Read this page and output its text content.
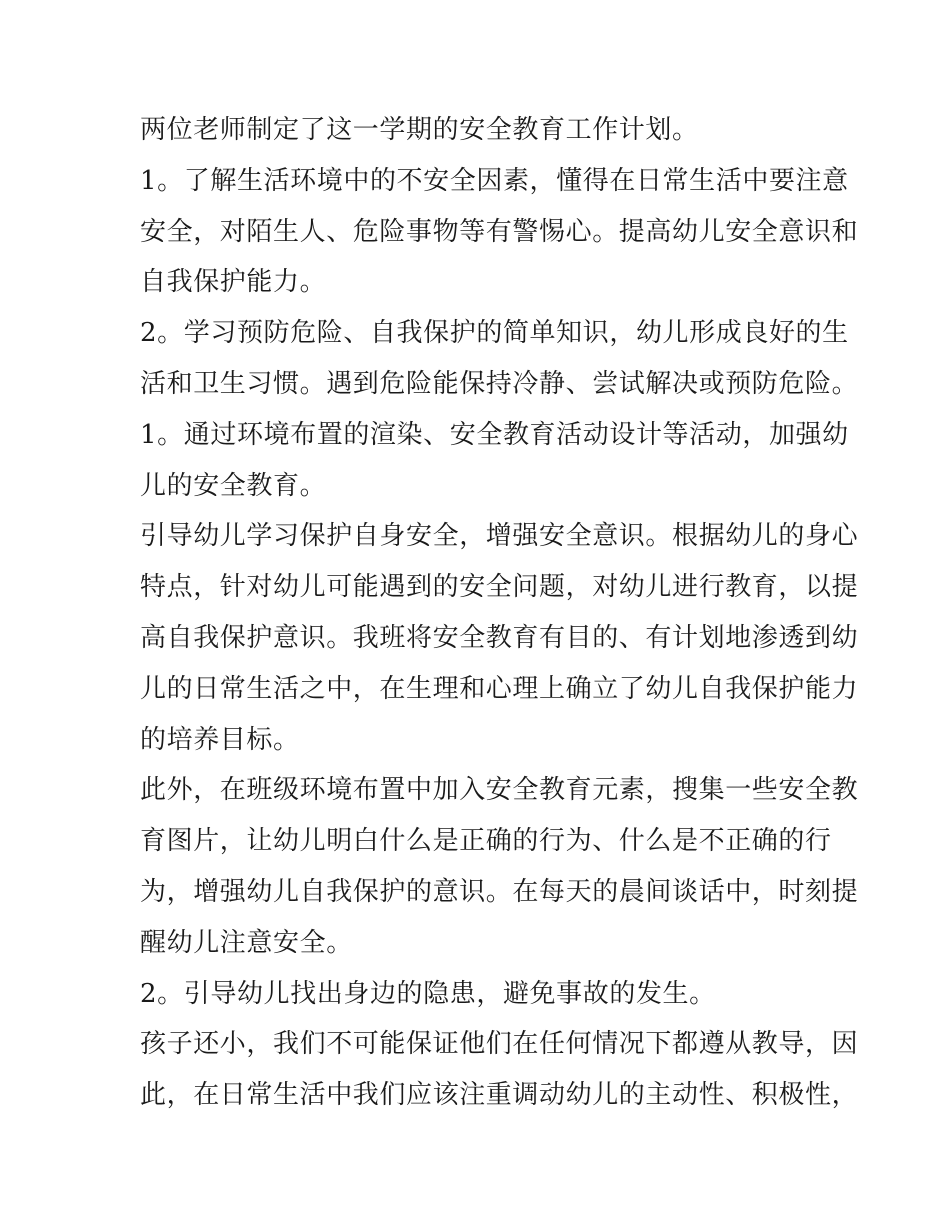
两位老师制定了这一学期的安全教育工作计划。
1。了解生活环境中的不安全因素，懂得在日常生活中要注意
安全，对陌生人、危险事物等有警惕心。提高幼儿安全意识和
自我保护能力。
2。学习预防危险、自我保护的简单知识，幼儿形成良好的生
活和卫生习惯。遇到危险能保持冷静、尝试解决或预防危险。
1。通过环境布置的渲染、安全教育活动设计等活动，加强幼
儿的安全教育。
引导幼儿学习保护自身安全，增强安全意识。根据幼儿的身心
特点，针对幼儿可能遇到的安全问题，对幼儿进行教育，以提
高自我保护意识。我班将安全教育有目的、有计划地渗透到幼
儿的日常生活之中，在生理和心理上确立了幼儿自我保护能力
的培养目标。
此外，在班级环境布置中加入安全教育元素，搜集一些安全教
育图片，让幼儿明白什么是正确的行为、什么是不正确的行
为，增强幼儿自我保护的意识。在每天的晨间谈话中，时刻提
醒幼儿注意安全。
2。引导幼儿找出身边的隐患，避免事故的发生。
孩子还小，我们不可能保证他们在任何情况下都遵从教导，因
此，在日常生活中我们应该注重调动幼儿的主动性、积极性，
